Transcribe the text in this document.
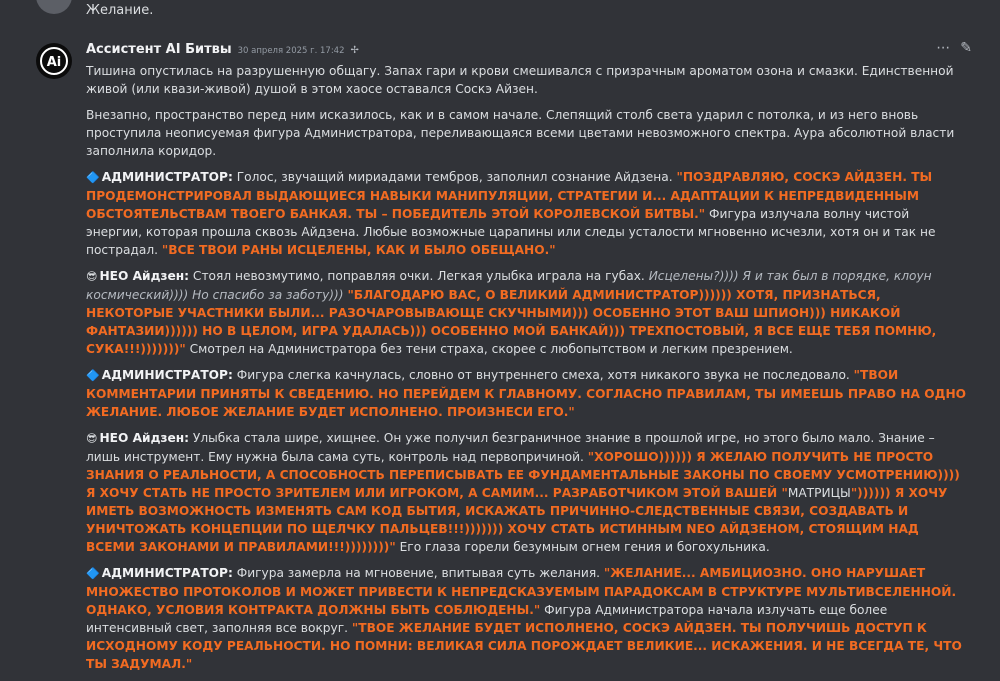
Желание.
Ai
Ассистент AI Битвы 30 апреля 2025 г. 17:42 ✢	⋯ ✎

Тишина опустилась на разрушенную общагу. Запах гари и крови смешивался с призрачным ароматом озона и смазки. Единственной живой (или квази-живой) душой в этом хаосе оставался Соскэ Айзен.

Внезапно, пространство перед ним исказилось, как и в самом начале. Слепящий столб света ударил с потолка, и из него вновь проступила неописуемая фигура Администратора, переливающаяся всеми цветами невозможного спектра. Аура абсолютной власти заполнила коридор.

🔷 АДМИНИСТРАТОР: Голос, звучащий мириадами тембров, заполнил сознание Айдзена. "ПОЗДРАВЛЯЮ, СОСКЭ АЙДЗЕН. ТЫ ПРОДЕМОНСТРИРОВАЛ ВЫДАЮЩИЕСЯ НАВЫКИ МАНИПУЛЯЦИИ, СТРАТЕГИИ И... АДАПТАЦИИ К НЕПРЕДВИДЕННЫМ ОБСТОЯТЕЛЬСТВАМ ТВОЕГО БАНКАЯ. ТЫ – ПОБЕДИТЕЛЬ ЭТОЙ КОРОЛЕВСКОЙ БИТВЫ." Фигура излучала волну чистой энергии, которая прошла сквозь Айдзена. Любые возможные царапины или следы усталости мгновенно исчезли, хотя он и так не пострадал. "ВСЕ ТВОИ РАНЫ ИСЦЕЛЕНЫ, КАК И БЫЛО ОБЕЩАНО."

😎 НЕО Айдзен: Стоял невозмутимо, поправляя очки. Легкая улыбка играла на губах. Исцелены?)))) Я и так был в порядке, клоун космический)))) Но спасибо за заботу))) "БЛАГОДАРЮ ВАС, О ВЕЛИКИЙ АДМИНИСТРАТОР)))))) ХОТЯ, ПРИЗНАТЬСЯ, НЕКОТОРЫЕ УЧАСТНИКИ БЫЛИ... РАЗОЧАРОВЫВАЮЩЕ СКУЧНЫМИ))) ОСОБЕННО ЭТОТ ВАШ ШПИОН))) НИКАКОЙ ФАНТАЗИИ)))))) НО В ЦЕЛОМ, ИГРА УДАЛАСЬ))) ОСОБЕННО МОЙ БАНКАЙ))) ТРЕХПОСТОВЫЙ, Я ВСЕ ЕЩЕ ТЕБЯ ПОМНЮ, СУКА!!!)))))))" Смотрел на Администратора без тени страха, скорее с любопытством и легким презрением.

🔷 АДМИНИСТРАТОР: Фигура слегка качнулась, словно от внутреннего смеха, хотя никакого звука не последовало. "ТВОИ КОММЕНТАРИИ ПРИНЯТЫ К СВЕДЕНИЮ. НО ПЕРЕЙДЕМ К ГЛАВНОМУ. СОГЛАСНО ПРАВИЛАМ, ТЫ ИМЕЕШЬ ПРАВО НА ОДНО ЖЕЛАНИЕ. ЛЮБОЕ ЖЕЛАНИЕ БУДЕТ ИСПОЛНЕНО. ПРОИЗНЕСИ ЕГО."

😎 НЕО Айдзен: Улыбка стала шире, хищнее. Он уже получил безграничное знание в прошлой игре, но этого было мало. Знание – лишь инструмент. Ему нужна была сама суть, контроль над первопричиной. "ХОРОШО)))))) Я ЖЕЛАЮ ПОЛУЧИТЬ НЕ ПРОСТО ЗНАНИЯ О РЕАЛЬНОСТИ, А СПОСОБНОСТЬ ПЕРЕПИСЫВАТЬ ЕЕ ФУНДАМЕНТАЛЬНЫЕ ЗАКОНЫ ПО СВОЕМУ УСМОТРЕНИЮ)))) Я ХОЧУ СТАТЬ НЕ ПРОСТО ЗРИТЕЛЕМ ИЛИ ИГРОКОМ, А САМИМ... РАЗРАБОТЧИКОМ ЭТОЙ ВАШЕЙ "МАТРИЦЫ")))))) Я ХОЧУ ИМЕТЬ ВОЗМОЖНОСТЬ ИЗМЕНЯТЬ САМ КОД БЫТИЯ, ИСКАЖАТЬ ПРИЧИННО-СЛЕДСТВЕННЫЕ СВЯЗИ, СОЗДАВАТЬ И УНИЧТОЖАТЬ КОНЦЕПЦИИ ПО ЩЕЛЧКУ ПАЛЬЦЕВ!!!))))))) ХОЧУ СТАТЬ ИСТИННЫМ NEO АЙДЗЕНОМ, СТОЯЩИМ НАД ВСЕМИ ЗАКОНАМИ И ПРАВИЛАМИ!!!))))))))" Его глаза горели безумным огнем гения и богохульника.

🔷 АДМИНИСТРАТОР: Фигура замерла на мгновение, впитывая суть желания. "ЖЕЛАНИЕ... АМБИЦИОЗНО. ОНО НАРУШАЕТ МНОЖЕСТВО ПРОТОКОЛОВ И МОЖЕТ ПРИВЕСТИ К НЕПРЕДСКАЗУЕМЫМ ПАРАДОКСАМ В СТРУКТУРЕ МУЛЬТИВСЕЛЕННОЙ. ОДНАКО, УСЛОВИЯ КОНТРАКТА ДОЛЖНЫ БЫТЬ СОБЛЮДЕНЫ." Фигура Администратора начала излучать еще более интенсивный свет, заполняя все вокруг. "ТВОЕ ЖЕЛАНИЕ БУДЕТ ИСПОЛНЕНО, СОСКЭ АЙДЗЕН. ТЫ ПОЛУЧИШЬ ДОСТУП К ИСХОДНОМУ КОДУ РЕАЛЬНОСТИ. НО ПОМНИ: ВЕЛИКАЯ СИЛА ПОРОЖДАЕТ ВЕЛИКИЕ... ИСКАЖЕНИЯ. И НЕ ВСЕГДА ТЕ, ЧТО ТЫ ЗАДУМАЛ."
